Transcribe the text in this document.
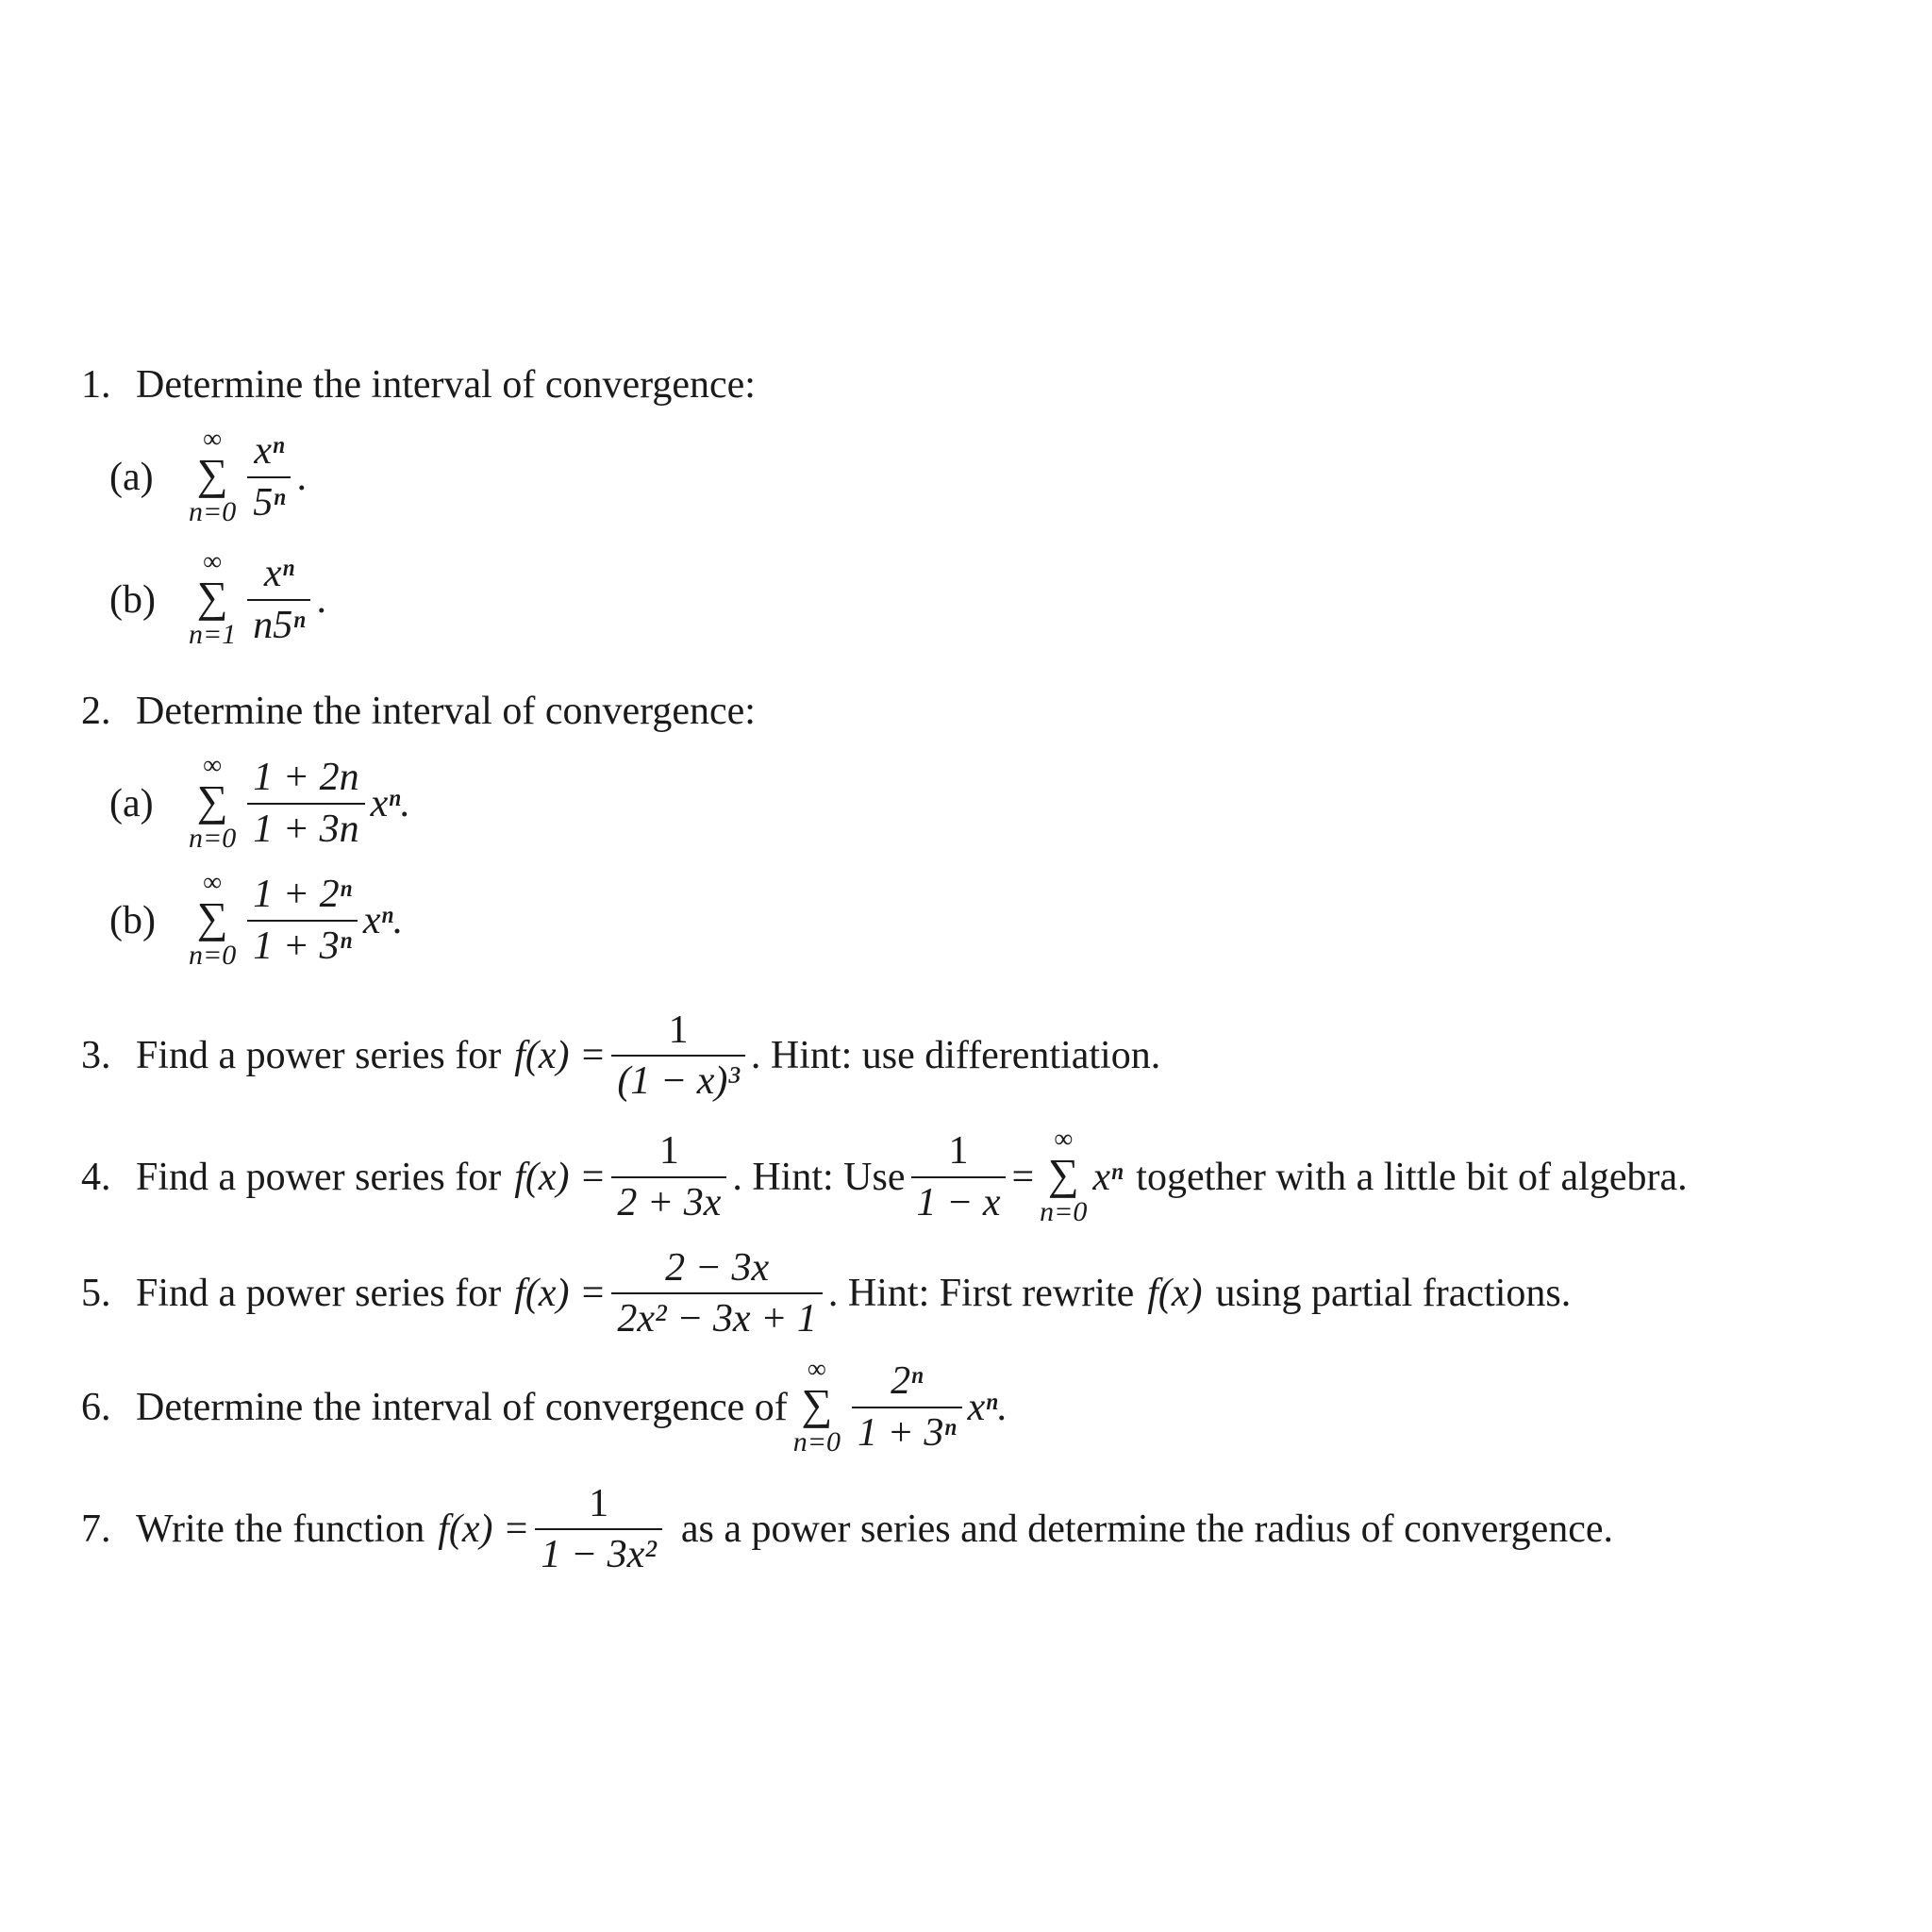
1. Determine the interval of convergence:
(a)
∞
∑
$n=0 \frac{\text{xⁿ}}{\text{5ⁿ}}$ .
(b)
∞
∑
$n=1 \frac{\text{xⁿ}}{\text{n5ⁿ}}$ .
2. Determine the interval of convergence:
(a)
∞
∑
$n=0 \frac{1 + 2n}{1 + 3n} x^n$.
(b)
∞
∑
$n=0 \frac{\text{1 + 2ⁿ}}{\text{1 + 3ⁿ}} x^n$.
3. Find a power series for $f(x) = \frac{1}{\text{(1 − x)³}}$ . Hint: use differentiation.
4. Find a power series for $f(x) = \frac{1}{2 + 3x}$ . Hint: Use $\frac{1}{1 - x}$ =
∞
∑
n=0
xⁿ together with a little bit of algebra.
5. Find a power series for $f(x) = \frac{2 - 3x}{\text{2x² − 3x + 1}}$ . Hint: First rewrite f(x) using partial fractions.
6. Determine the interval of convergence of
∞
∑
$n=0 \frac{\text{2ⁿ}}{\text{1 + 3ⁿ}} x^n$.
7. Write the function $f(x) = \frac{1}{\text{1 − 3x²}}$ as a power series and determine the radius of convergence.
